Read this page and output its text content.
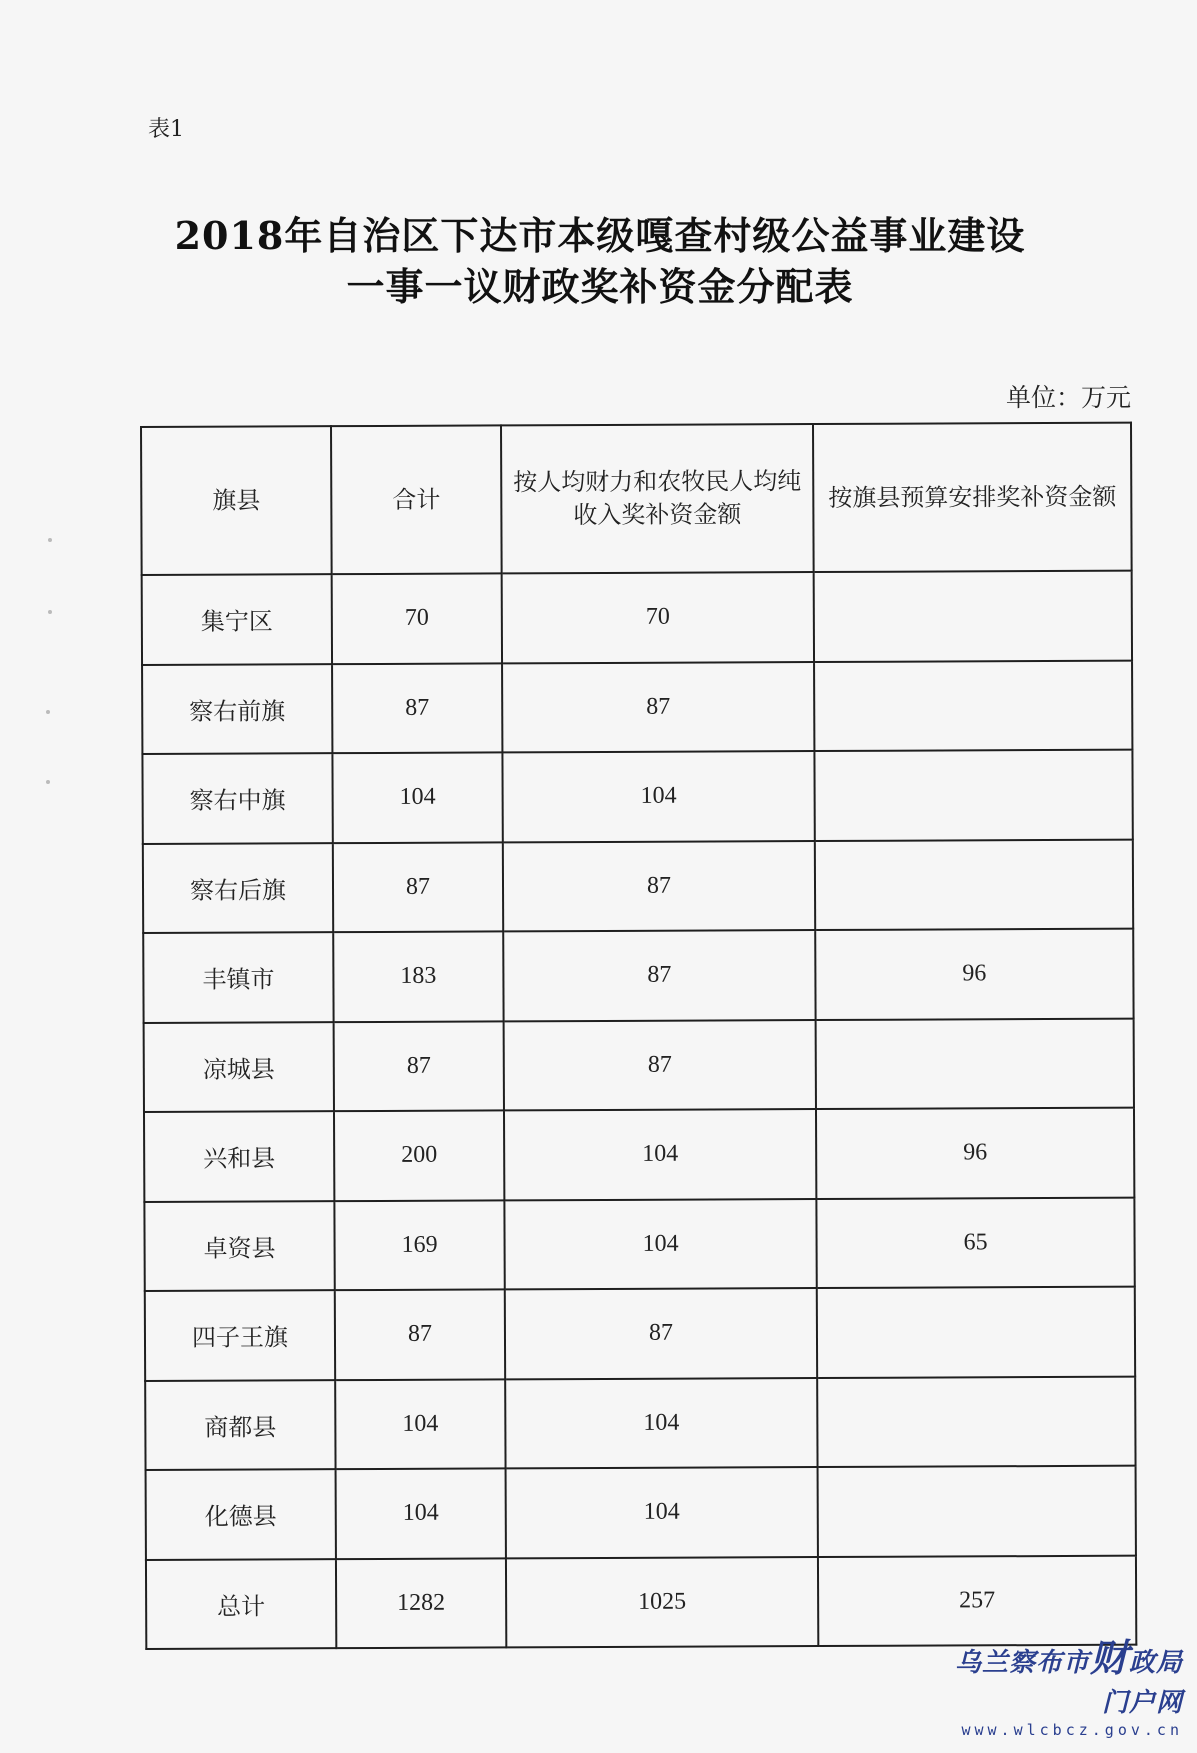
表1
2018年自治区下达市本级嘎查村级公益事业建设
一事一议财政奖补资金分配表
单位：万元
旗县	合计	按人均财力和农牧民人均纯收入奖补资金额	按旗县预算安排奖补资金额
集宁区	70	70	
察右前旗	87	87	
察右中旗	104	104	
察右后旗	87	87	
丰镇市	183	87	96
凉城县	87	87	
兴和县	200	104	96
卓资县	169	104	65
四子王旗	87	87	
商都县	104	104	
化德县	104	104	
总计	1282	1025	257
乌兰察布市财政局门户网
www.wlcbcz.gov.cn
